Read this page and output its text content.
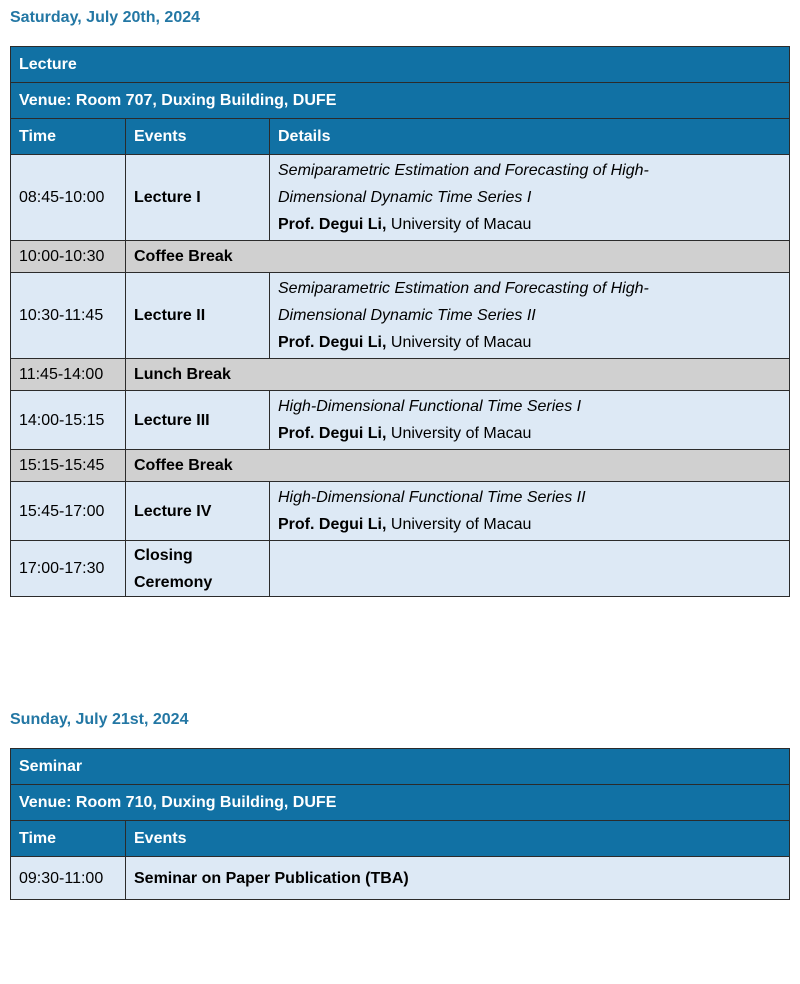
Saturday, July 20th, 2024
Lecture		
Venue: Room 707, Duxing Building, DUFE		
Time	Events	Details
08:45-10:00	Lecture I	Semiparametric Estimation and Forecasting of High-
Dimensional Dynamic Time Series I
Prof. Degui Li, University of Macau

10:00-10:30	Coffee Break	
10:30-11:45	Lecture II	Semiparametric Estimation and Forecasting of High-
Dimensional Dynamic Time Series II
Prof. Degui Li, University of Macau

11:45-14:00	Lunch Break	
14:00-15:15	Lecture III	High-Dimensional Functional Time Series I
Prof. Degui Li, University of Macau

15:15-15:45	Coffee Break	
15:45-17:00	Lecture IV	High-Dimensional Functional Time Series II
Prof. Degui Li, University of Macau

17:00-17:30	Closing
Ceremony	

Sunday, July 21st, 2024
Seminar	
Venue: Room 710, Duxing Building, DUFE	
Time	Events
09:30-11:00	Seminar on Paper Publication (TBA)
